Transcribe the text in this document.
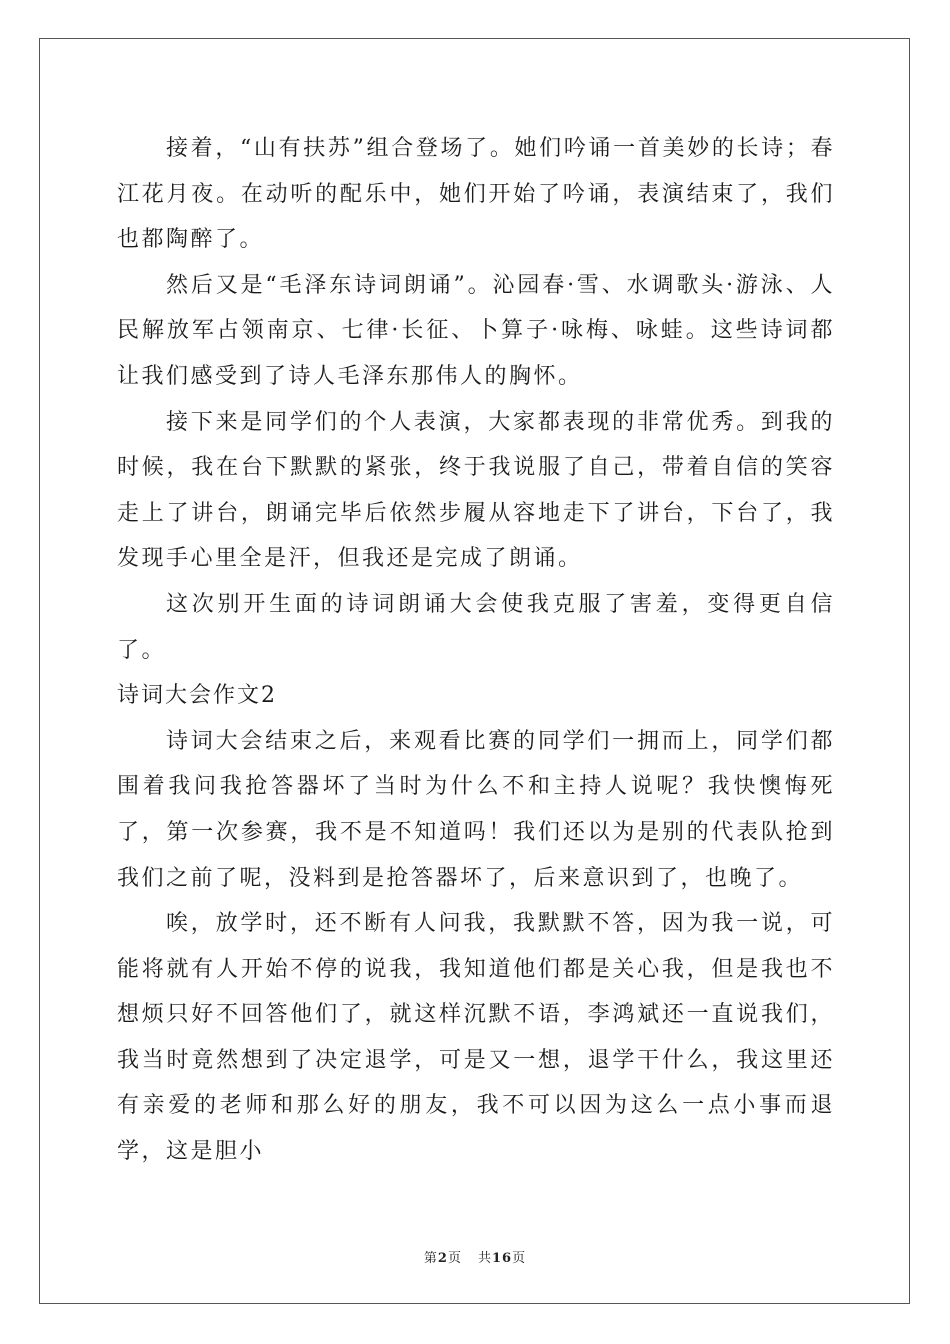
接着，“山有扶苏”组合登场了。她们吟诵一首美妙的长诗；春江花月夜。在动听的配乐中，她们开始了吟诵，表演结束了，我们也都陶醉了。

然后又是“毛泽东诗词朗诵”。沁园春·雪、水调歌头·游泳、人民解放军占领南京、七律·长征、卜算子·咏梅、咏蛙。这些诗词都让我们感受到了诗人毛泽东那伟人的胸怀。

接下来是同学们的个人表演，大家都表现的非常优秀。到我的时候，我在台下默默的紧张，终于我说服了自己，带着自信的笑容走上了讲台，朗诵完毕后依然步履从容地走下了讲台，下台了，我发现手心里全是汗，但我还是完成了朗诵。

这次别开生面的诗词朗诵大会使我克服了害羞，变得更自信了。

诗词大会作文2

诗词大会结束之后，来观看比赛的同学们一拥而上，同学们都围着我问我抢答器坏了当时为什么不和主持人说呢？我快懊悔死了，第一次参赛，我不是不知道吗！我们还以为是别的代表队抢到我们之前了呢，没料到是抢答器坏了，后来意识到了，也晚了。

唉，放学时，还不断有人问我，我默默不答，因为我一说，可能将就有人开始不停的说我，我知道他们都是关心我，但是我也不想烦只好不回答他们了，就这样沉默不语，李鸿斌还一直说我们，我当时竟然想到了决定退学，可是又一想，退学干什么，我这里还有亲爱的老师和那么好的朋友，我不可以因为这么一点小事而退学，这是胆小

第2页 共16页
